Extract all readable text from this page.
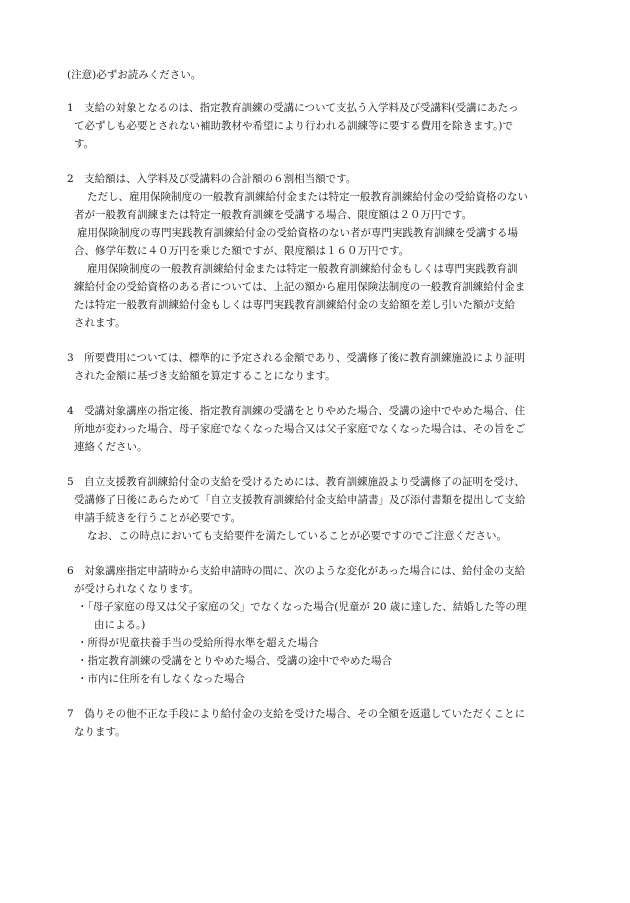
(注意)必ずお読みください。
1　支給の対象となるのは、指定教育訓練の受講について支払う入学料及び受講料(受講にあたっ
て必ずしも必要とされない補助教材や希望により行われる訓練等に要する費用を除きます。)で
す。
2　支給額は、入学料及び受講料の合計額の６割相当額です。
ただし、雇用保険制度の一般教育訓練給付金または特定一般教育訓練給付金の受給資格のない
者が一般教育訓練または特定一般教育訓練を受講する場合、限度額は２０万円です。
雇用保険制度の専門実践教育訓練給付金の受給資格のない者が専門実践教育訓練を受講する場
合、修学年数に４０万円を乗じた額ですが、限度額は１６０万円です。
雇用保険制度の一般教育訓練給付金または特定一般教育訓練給付金もしくは専門実践教育訓
練給付金の受給資格のある者については、上記の額から雇用保険法制度の一般教育訓練給付金ま
たは特定一般教育訓練給付金もしくは専門実践教育訓練給付金の支給額を差し引いた額が支給
されます。
3　所要費用については、標準的に予定される金額であり、受講修了後に教育訓練施設により証明
された金額に基づき支給額を算定することになります。
4　受講対象講座の指定後、指定教育訓練の受講をとりやめた場合、受講の途中でやめた場合、住
所地が変わった場合、母子家庭でなくなった場合又は父子家庭でなくなった場合は、その旨をご
連絡ください。
5　自立支援教育訓練給付金の支給を受けるためには、教育訓練施設より受講修了の証明を受け、
受講修了日後にあらためて「自立支援教育訓練給付金支給申請書」及び添付書類を提出して支給
申請手続きを行うことが必要です。
なお、この時点においても支給要件を満たしていることが必要ですのでご注意ください。
6　対象講座指定申請時から支給申請時の間に、次のような変化があった場合には、給付金の支給
が受けられなくなります。
・「母子家庭の母又は父子家庭の父」でなくなった場合(児童が 20 歳に達した、結婚した等の理
由による。)
・所得が児童扶養手当の受給所得水準を超えた場合
・指定教育訓練の受講をとりやめた場合、受講の途中でやめた場合
・市内に住所を有しなくなった場合
7　偽りその他不正な手段により給付金の支給を受けた場合、その全額を返還していただくことに
なります。
